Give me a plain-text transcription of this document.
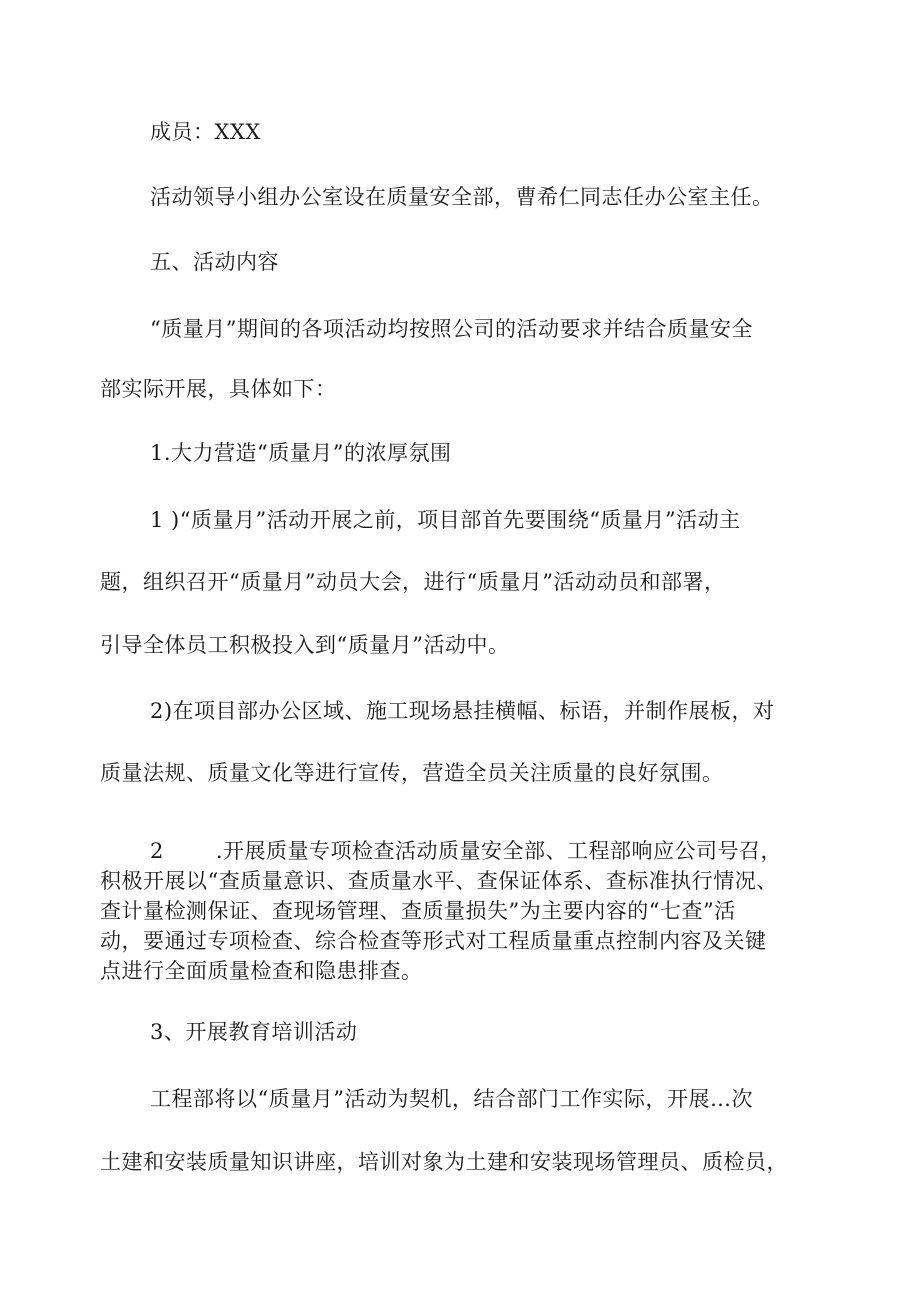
成员：XXX

活动领导小组办公室设在质量安全部，曹希仁同志任办公室主任。

五、活动内容

“质量月”期间的各项活动均按照公司的活动要求并结合质量安全

部实际开展，具体如下：

1.大力营造“质量月”的浓厚氛围

1 )“质量月”活动开展之前，项目部首先要围绕“质量月”活动主

题，组织召开“质量月”动员大会，进行“质量月”活动动员和部署，

引导全体员工积极投入到“质量月”活动中。

2)在项目部办公区域、施工现场悬挂横幅、标语，并制作展板，对

质量法规、质量文化等进行宣传，营造全员关注质量的良好氛围。

2 .开展质量专项检查活动质量安全部、工程部响应公司号召，

积极开展以“查质量意识、查质量水平、查保证体系、查标准执行情况、

查计量检测保证、查现场管理、查质量损失”为主要内容的“七查”活

动，要通过专项检查、综合检查等形式对工程质量重点控制内容及关键

点进行全面质量检查和隐患排查。

3、开展教育培训活动

工程部将以“质量月”活动为契机，结合部门工作实际，开展…次

土建和安装质量知识讲座，培训对象为土建和安装现场管理员、质检员，
